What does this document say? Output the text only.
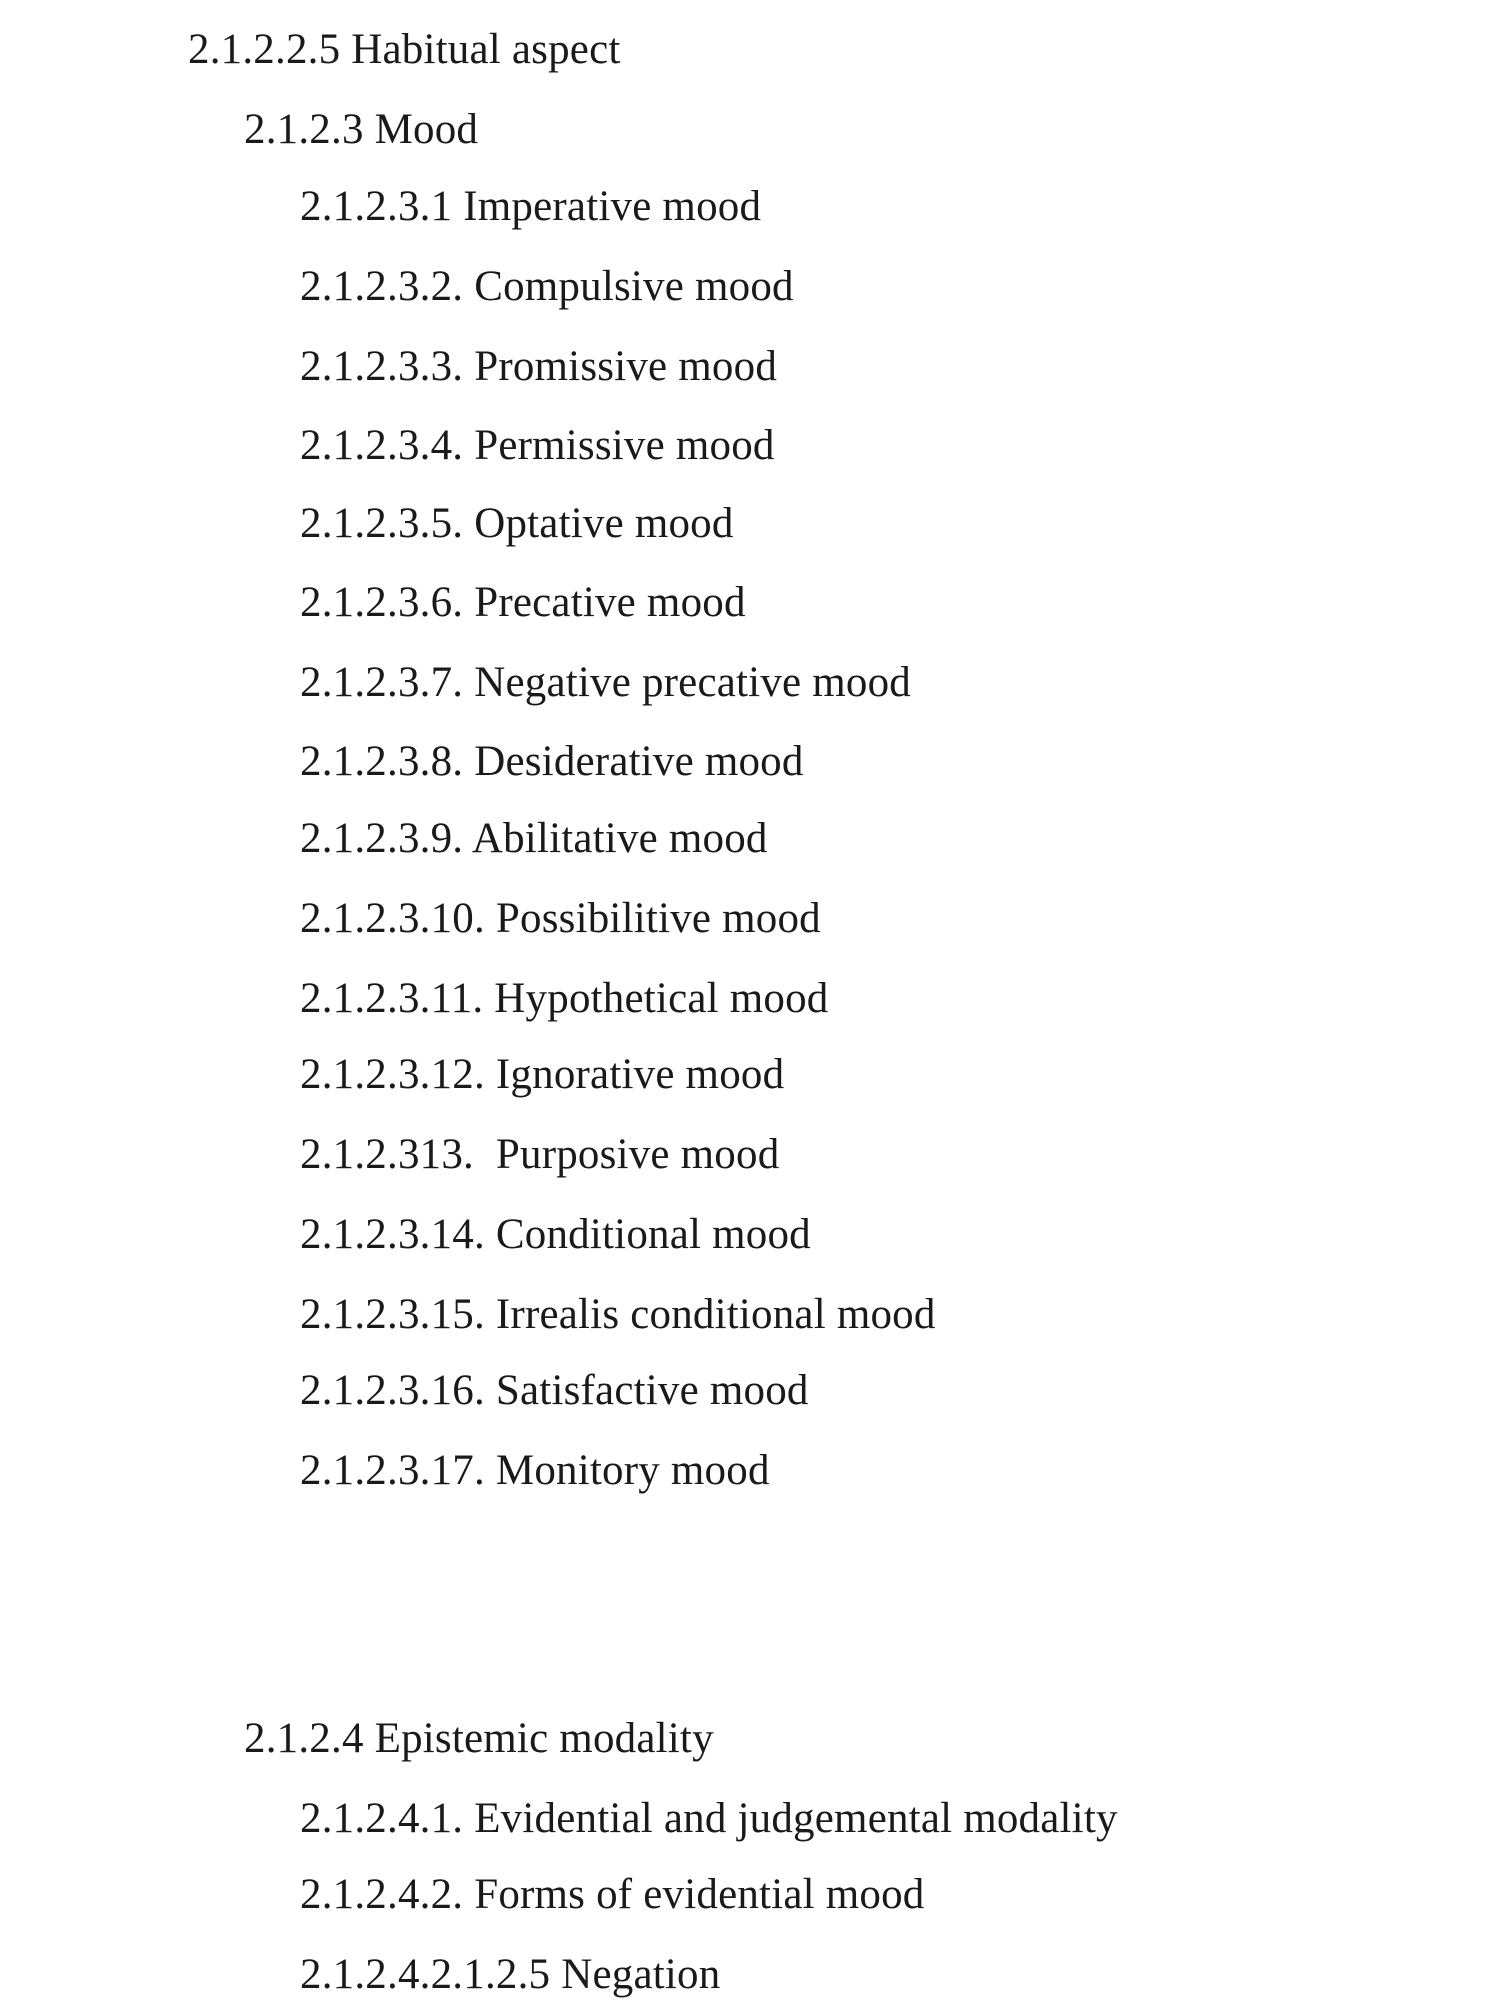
2.1.2.2.5 Habitual aspect
2.1.2.3 Mood
2.1.2.3.1 Imperative mood
2.1.2.3.2. Compulsive mood
2.1.2.3.3. Promissive mood
2.1.2.3.4. Permissive mood
2.1.2.3.5. Optative mood
2.1.2.3.6. Precative mood
2.1.2.3.7. Negative precative mood
2.1.2.3.8. Desiderative mood
2.1.2.3.9. Abilitative mood
2.1.2.3.10. Possibilitive mood
2.1.2.3.11. Hypothetical mood
2.1.2.3.12. Ignorative mood
2.1.2.313.  Purposive mood
2.1.2.3.14. Conditional mood
2.1.2.3.15. Irrealis conditional mood
2.1.2.3.16. Satisfactive mood
2.1.2.3.17. Monitory mood
2.1.2.4 Epistemic modality
2.1.2.4.1. Evidential and judgemental modality
2.1.2.4.2. Forms of evidential mood
2.1.2.4.2.1.2.5 Negation
